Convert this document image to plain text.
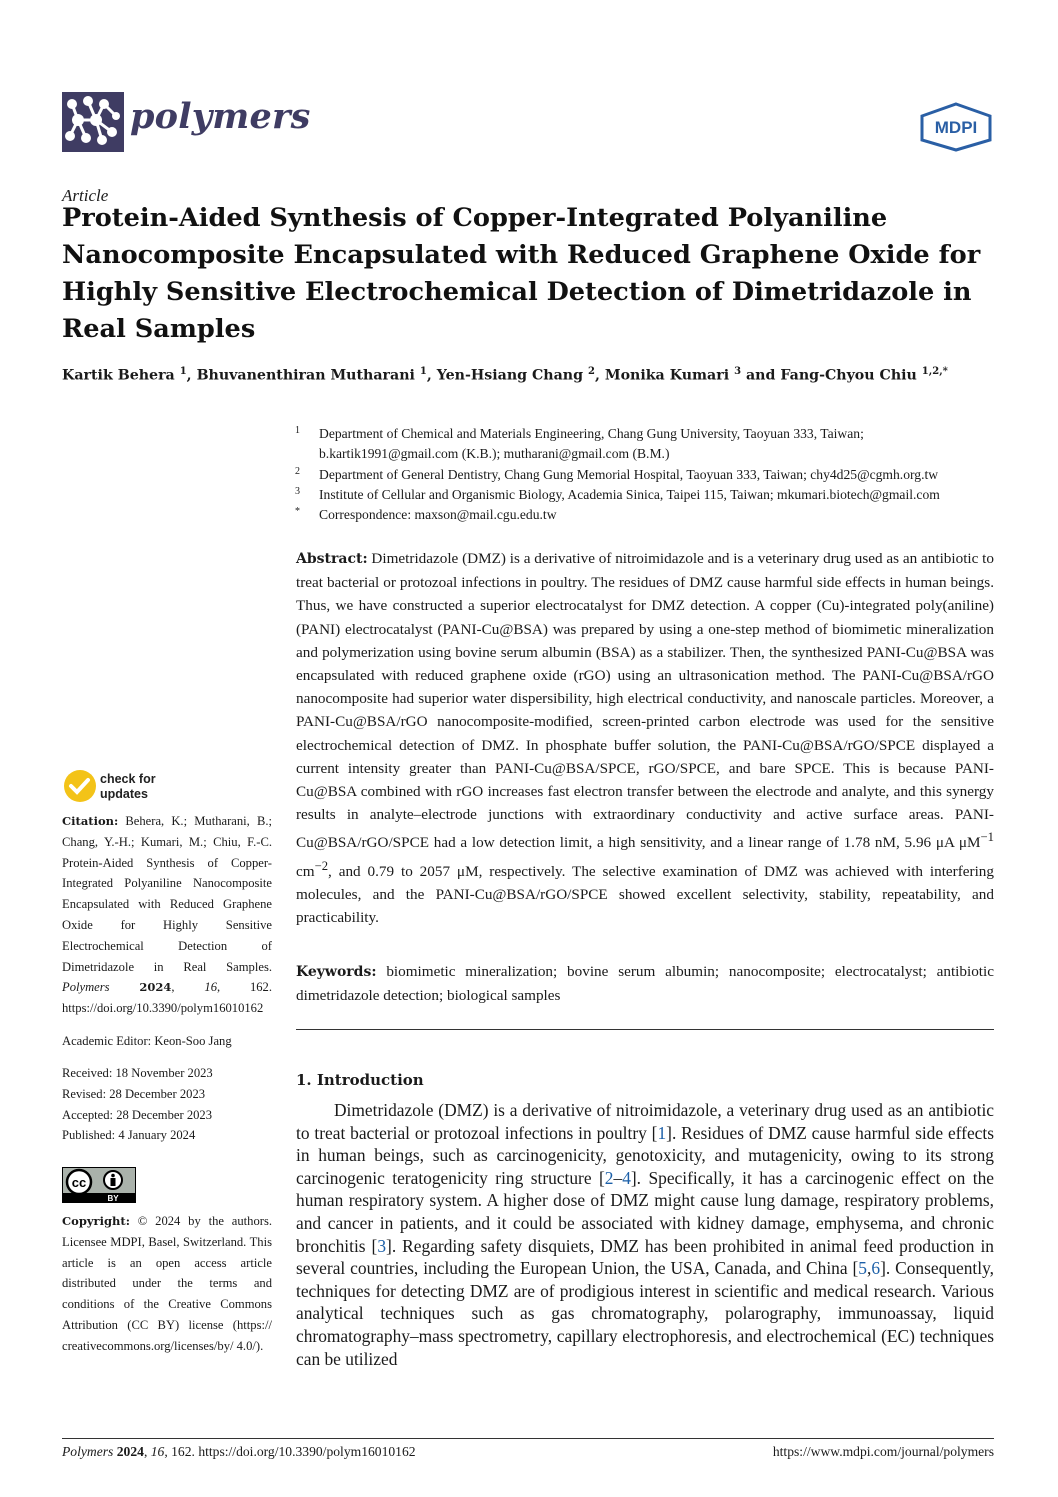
polymers	MDPI
Article
Protein-Aided Synthesis of Copper-Integrated Polyaniline Nanocomposite Encapsulated with Reduced Graphene Oxide for Highly Sensitive Electrochemical Detection of Dimetridazole in Real Samples
Kartik Behera $^1$, Bhuvanenthiran Mutharani $^1$, Yen-Hsiang Chang $^2$, Monika Kumari $^3$ and Fang-Chyou Chiu $^{1,2,*}$
1 Department of Chemical and Materials Engineering, Chang Gung University, Taoyuan 333, Taiwan;
b.kartik1991@gmail.com (K.B.); mutharani@gmail.com (B.M.)
2 Department of General Dentistry, Chang Gung Memorial Hospital, Taoyuan 333, Taiwan; chy4d25@cgmh.org.tw
3 Institute of Cellular and Organismic Biology, Academia Sinica, Taipei 115, Taiwan; mkumari.biotech@gmail.com
* Correspondence: maxson@mail.cgu.edu.tw
Abstract: Dimetridazole (DMZ) is a derivative of nitroimidazole and is a veterinary drug used as an antibiotic to treat bacterial or protozoal infections in poultry. The residues of DMZ cause harmful side effects in human beings. Thus, we have constructed a superior electrocatalyst for DMZ detection. A copper (Cu)-integrated poly(aniline) (PANI) electrocatalyst (PANI-Cu@BSA) was prepared by using a one-step method of biomimetic mineralization and polymerization using bovine serum albumin (BSA) as a stabilizer. Then, the synthesized PANI-Cu@BSA was encapsulated with reduced graphene oxide (rGO) using an ultrasonication method. The PANI-Cu@BSA/rGO nanocomposite had superior water dispersibility, high electrical conductivity, and nanoscale particles. Moreover, a PANI-Cu@BSA/rGO nanocomposite-modified, screen-printed carbon electrode was used for the sensitive electrochemical detection of DMZ. In phosphate buffer solution, the PANI-Cu@BSA/rGO/SPCE displayed a current intensity greater than PANI-Cu@BSA/SPCE, rGO/SPCE, and bare SPCE. This is because PANI-Cu@BSA combined with rGO increases fast electron transfer between the electrode and analyte, and this synergy results in analyte–electrode junctions with extraordinary conductivity and active surface areas. PANI-Cu@BSA/rGO/SPCE had a low detection limit, a high sensitivity, and a linear range of 1.78 nM, 5.96 μA $\mu M^{-1}$ $cm^{-2}$, and 0.79 to 2057 μM, respectively. The selective examination of DMZ was achieved with interfering molecules, and the PANI-Cu@BSA/rGO/SPCE showed excellent selectivity, stability, repeatability, and practicability.
Keywords: biomimetic mineralization; bovine serum albumin; nanocomposite; electrocatalyst; antibiotic dimetridazole detection; biological samples
1. Introduction
Dimetridazole (DMZ) is a derivative of nitroimidazole, a veterinary drug used as an antibiotic to treat bacterial or protozoal infections in poultry [1]. Residues of DMZ cause harmful side effects in human beings, such as carcinogenicity, genotoxicity, and mutagenicity, owing to its strong carcinogenic teratogenicity ring structure [2–4]. Specifically, it has a carcinogenic effect on the human respiratory system. A higher dose of DMZ might cause lung damage, respiratory problems, and cancer in patients, and it could be associated with kidney damage, emphysema, and chronic bronchitis [3]. Regarding safety disquiets, DMZ has been prohibited in animal feed production in several countries, including the European Union, the USA, Canada, and China [5,6]. Consequently, techniques for detecting DMZ are of prodigious interest in scientific and medical research. Various analytical techniques such as gas chromatography, polarography, immunoassay, liquid chromatography–mass spectrometry, capillary electrophoresis, and electrochemical (EC) techniques can be utilized
check for
updates
Citation: Behera, K.; Mutharani, B.; Chang, Y.-H.; Kumari, M.; Chiu, F.-C. Protein-Aided Synthesis of Copper-Integrated Polyaniline Nanocomposite Encapsulated with Reduced Graphene Oxide for Highly Sensitive Electrochemical Detection of Dimetridazole in Real Samples. Polymers	2024, 16, 162. https://doi.org/10.3390/polym16010162
Academic Editor: Keon-Soo Jang
Received: 18 November 2023
Revised: 28 December 2023
Accepted: 28 December 2023
Published: 4 January 2024
cc
BY
Copyright: © 2024 by the authors. Licensee MDPI, Basel, Switzerland. This article is an open access article distributed under the terms and conditions of the Creative Commons Attribution (CC BY) license (https:// creativecommons.org/licenses/by/ 4.0/).
Polymers 2024, 16, 162. https://doi.org/10.3390/polym16010162	https://www.mdpi.com/journal/polymers
